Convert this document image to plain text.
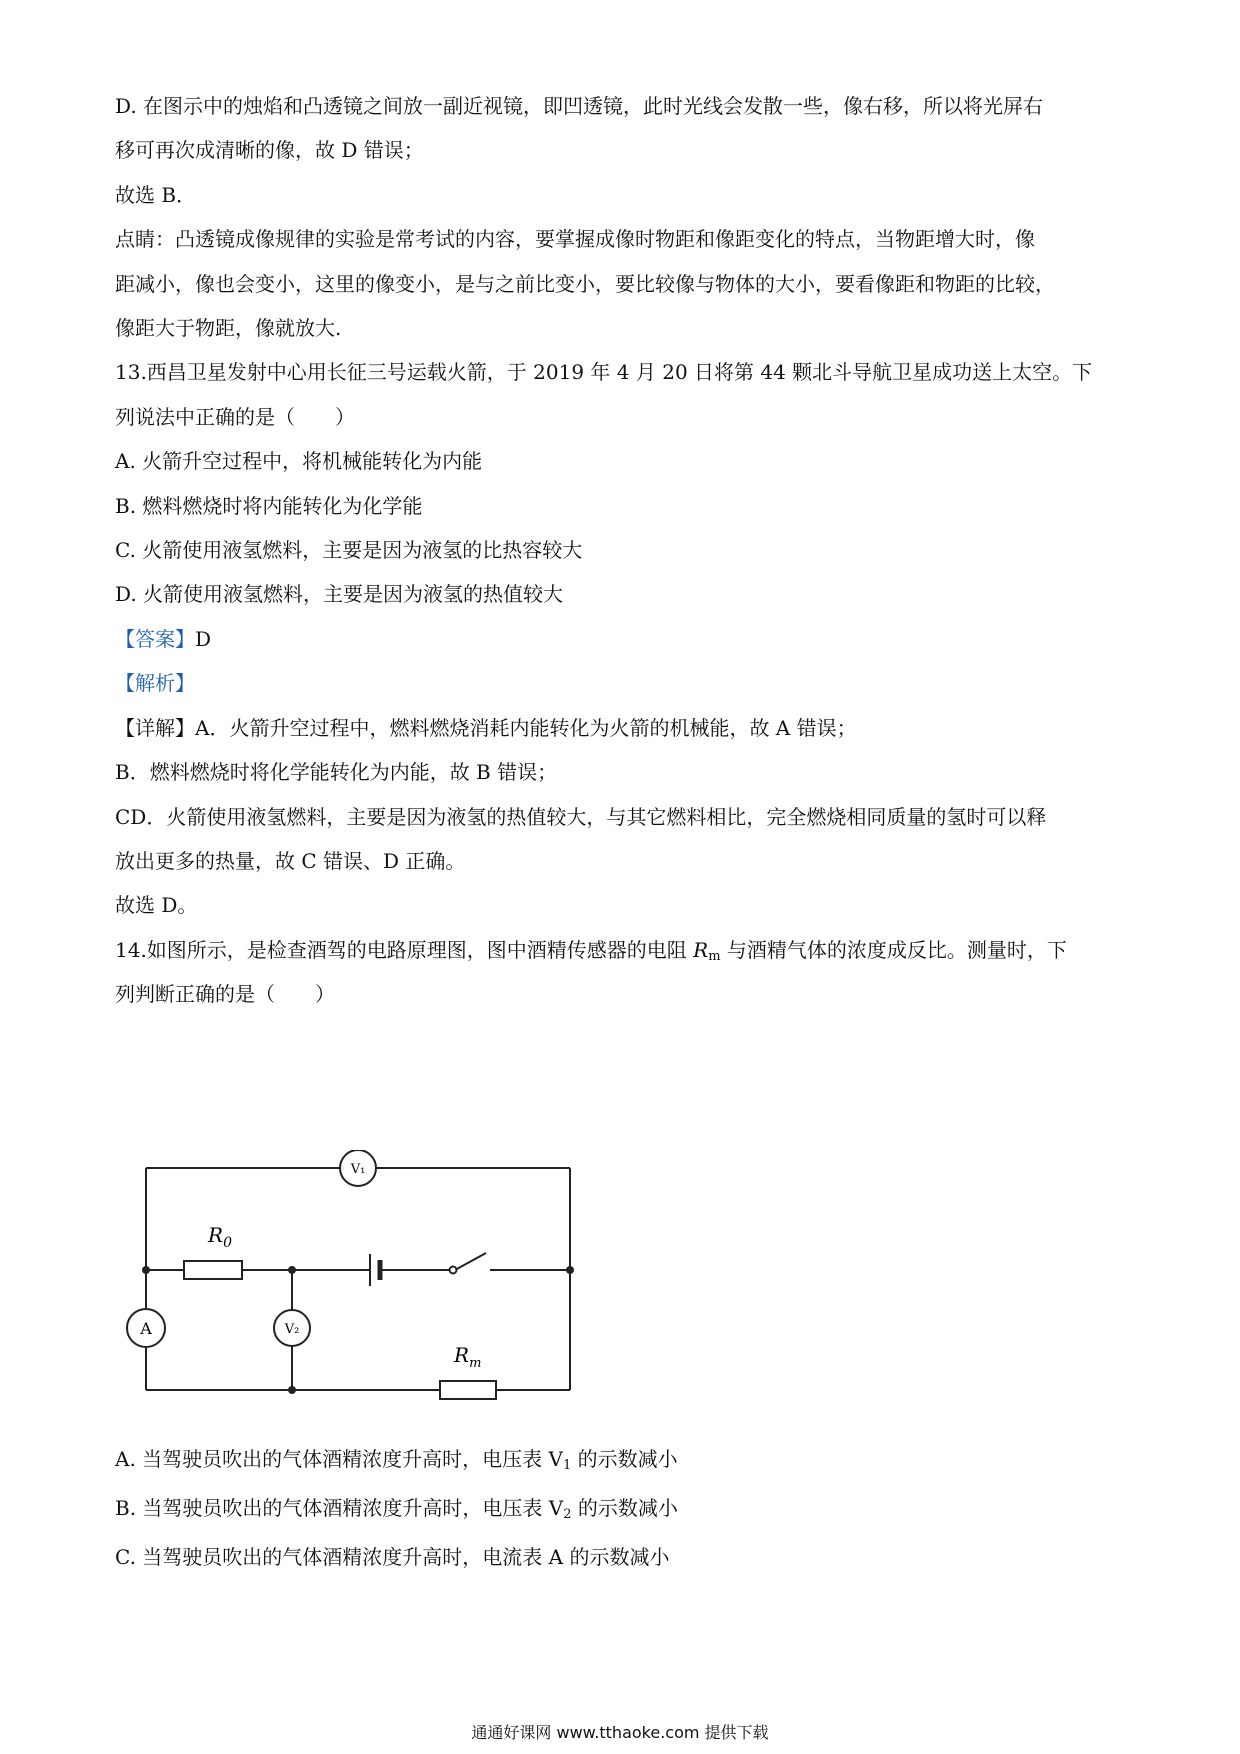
D. 在图示中的烛焰和凸透镜之间放一副近视镜，即凹透镜，此时光线会发散一些，像右移，所以将光屏右
移可再次成清晰的像，故 D 错误；
故选 B．
点睛：凸透镜成像规律的实验是常考试的内容，要掌握成像时物距和像距变化的特点，当物距增大时，像
距减小，像也会变小，这里的像变小，是与之前比变小，要比较像与物体的大小，要看像距和物距的比较，
像距大于物距，像就放大.
13.西昌卫星发射中心用长征三号运载火箭，于 2019 年 4 月 20 日将第 44 颗北斗导航卫星成功送上太空。下
列说法中正确的是（　　）
A. 火箭升空过程中，将机械能转化为内能
B. 燃料燃烧时将内能转化为化学能
C. 火箭使用液氢燃料，主要是因为液氢的比热容较大
D. 火箭使用液氢燃料，主要是因为液氢的热值较大
【答案】D
【解析】
【详解】A．火箭升空过程中，燃料燃烧消耗内能转化为火箭的机械能，故 A 错误；
B．燃料燃烧时将化学能转化为内能，故 B 错误；
CD．火箭使用液氢燃料，主要是因为液氢的热值较大，与其它燃料相比，完全燃烧相同质量的氢时可以释
放出更多的热量，故 C 错误、D 正确。
故选 D。
14.如图所示，是检查酒驾的电路原理图，图中酒精传感器的电阻 $R_m$ 与酒精气体的浓度成反比。测量时，下
列判断正确的是（　　）
V₁
V₂
A
$R_0$
$R_m$
A. 当驾驶员吹出的气体酒精浓度升高时，电压表 $V_1$ 的示数减小
B. 当驾驶员吹出的气体酒精浓度升高时，电压表 $V_2$ 的示数减小
C. 当驾驶员吹出的气体酒精浓度升高时，电流表 A 的示数减小
通通好课网 www.tthaoke.com 提供下载
